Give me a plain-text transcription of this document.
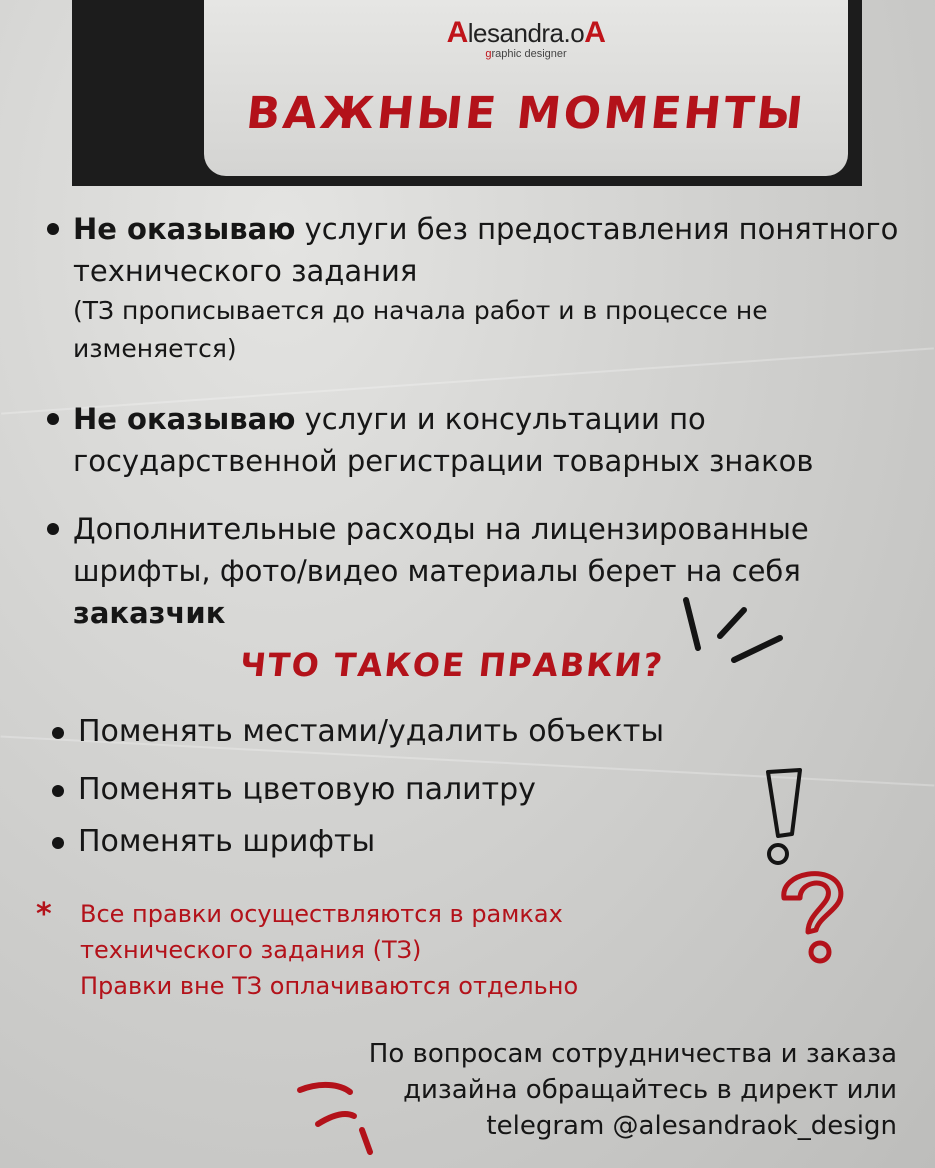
Alesandra.oA
graphic designer
ВАЖНЫЕ МОМЕНТЫ
Не оказываю услуги без предоставления понятного технического задания
(ТЗ прописывается до начала работ и в процессе не изменяется)
Не оказываю услуги и консультации по государственной регистрации товарных знаков
Дополнительные расходы на лицензированные шрифты, фото/видео материалы берет на себя заказчик
ЧТО ТАКОЕ ПРАВКИ?
Поменять местами/удалить объекты
Поменять цветовую палитру
Поменять шрифты
* Все правки осуществляются в рамках
технического задания (ТЗ)
Правки вне ТЗ оплачиваются отдельно
По вопросам сотрудничества и заказа
дизайна обращайтесь в директ или
telegram @alesandraok_design
